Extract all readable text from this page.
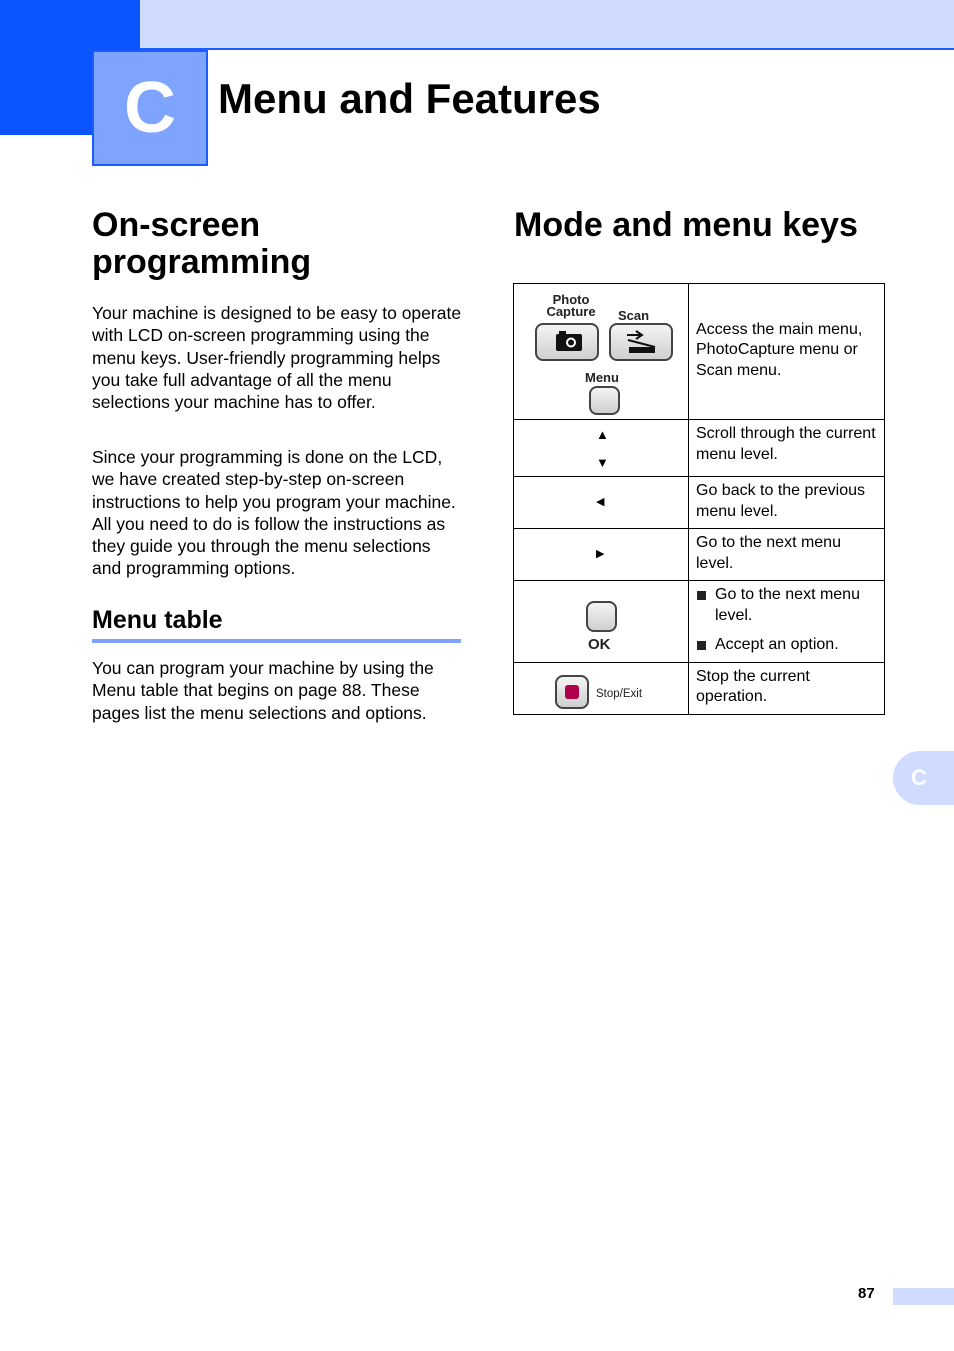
C Menu and Features
On-screen programming

Your machine is designed to be easy to operate with LCD on-screen programming using the menu keys. User-friendly programming helps you take full advantage of all the menu selections your machine has to offer.

Since your programming is done on the LCD, we have created step-by-step on-screen instructions to help you program your machine. All you need to do is follow the instructions as they guide you through the menu selections and programming options.

Menu table

You can program your machine by using the Menu table that begins on page 88. These pages list the menu selections and options.

Mode and menu keys
Photo
Capture Scan
Menu	Access the main menu, PhotoCapture menu or Scan menu.

▲
▼	Scroll through the current menu level.

◀	Go back to the previous menu level.

▶	Go to the next menu level.

OK	Go to the next menu level.
Accept an option.

Stop/Exit	Stop the current operation.
C
87
